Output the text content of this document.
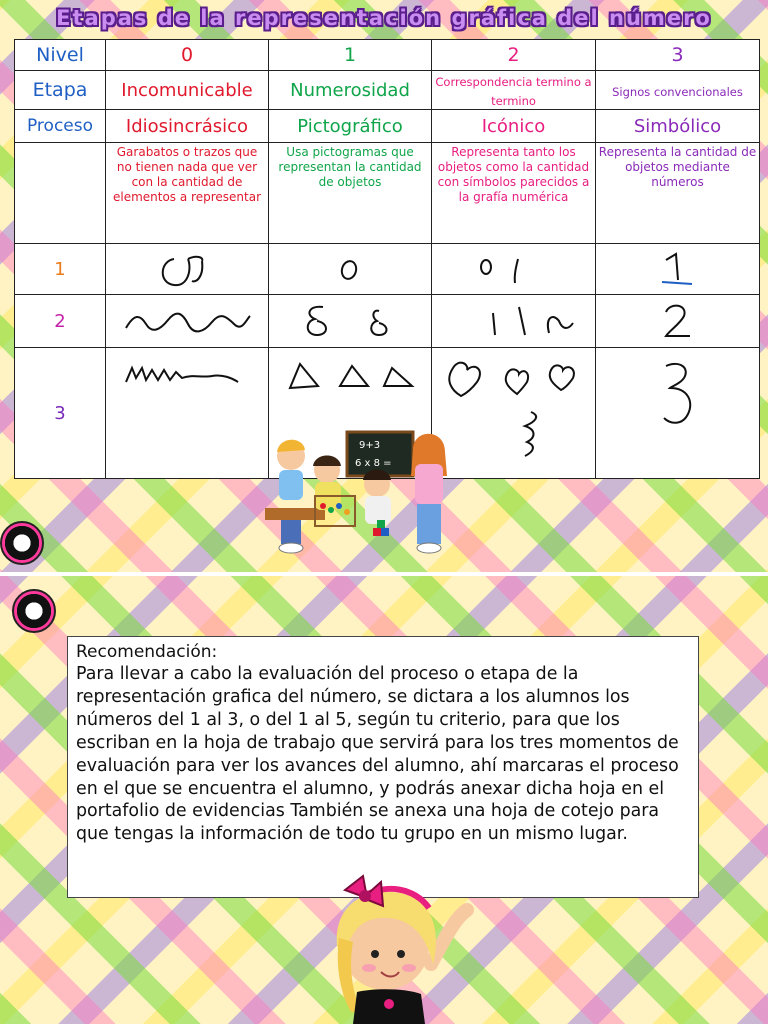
Etapas de la representación gráfica del número
Nivel	0	1	2	3
Etapa	Incomunicable	Numerosidad	Correspondencia termino a termino	Signos convencionales
Proceso	Idiosincrásico	Pictográfico	Icónico	Simbólico

	Garabatos o trazos que no tienen nada que ver con la cantidad de elementos a representar	Usa pictogramas que representan la cantidad de objetos	Representa tanto los objetos como la cantidad con símbolos parecidos a la grafía numérica	Representa la cantidad de objetos mediante números

1	

2	

3	

9+3
6 x 8 =
Recomendación:
Para llevar a cabo la evaluación del proceso o etapa de la representación grafica del número, se dictara a los alumnos los números del 1 al 3, o del 1 al 5, según tu criterio, para que los escriban en la hoja de trabajo que servirá para los tres momentos de evaluación para ver los avances del alumno, ahí marcaras el proceso en el que se encuentra el alumno, y podrás anexar dicha hoja en el portafolio de evidencias También se anexa una hoja de cotejo para que tengas la información de todo tu grupo en un mismo lugar.
